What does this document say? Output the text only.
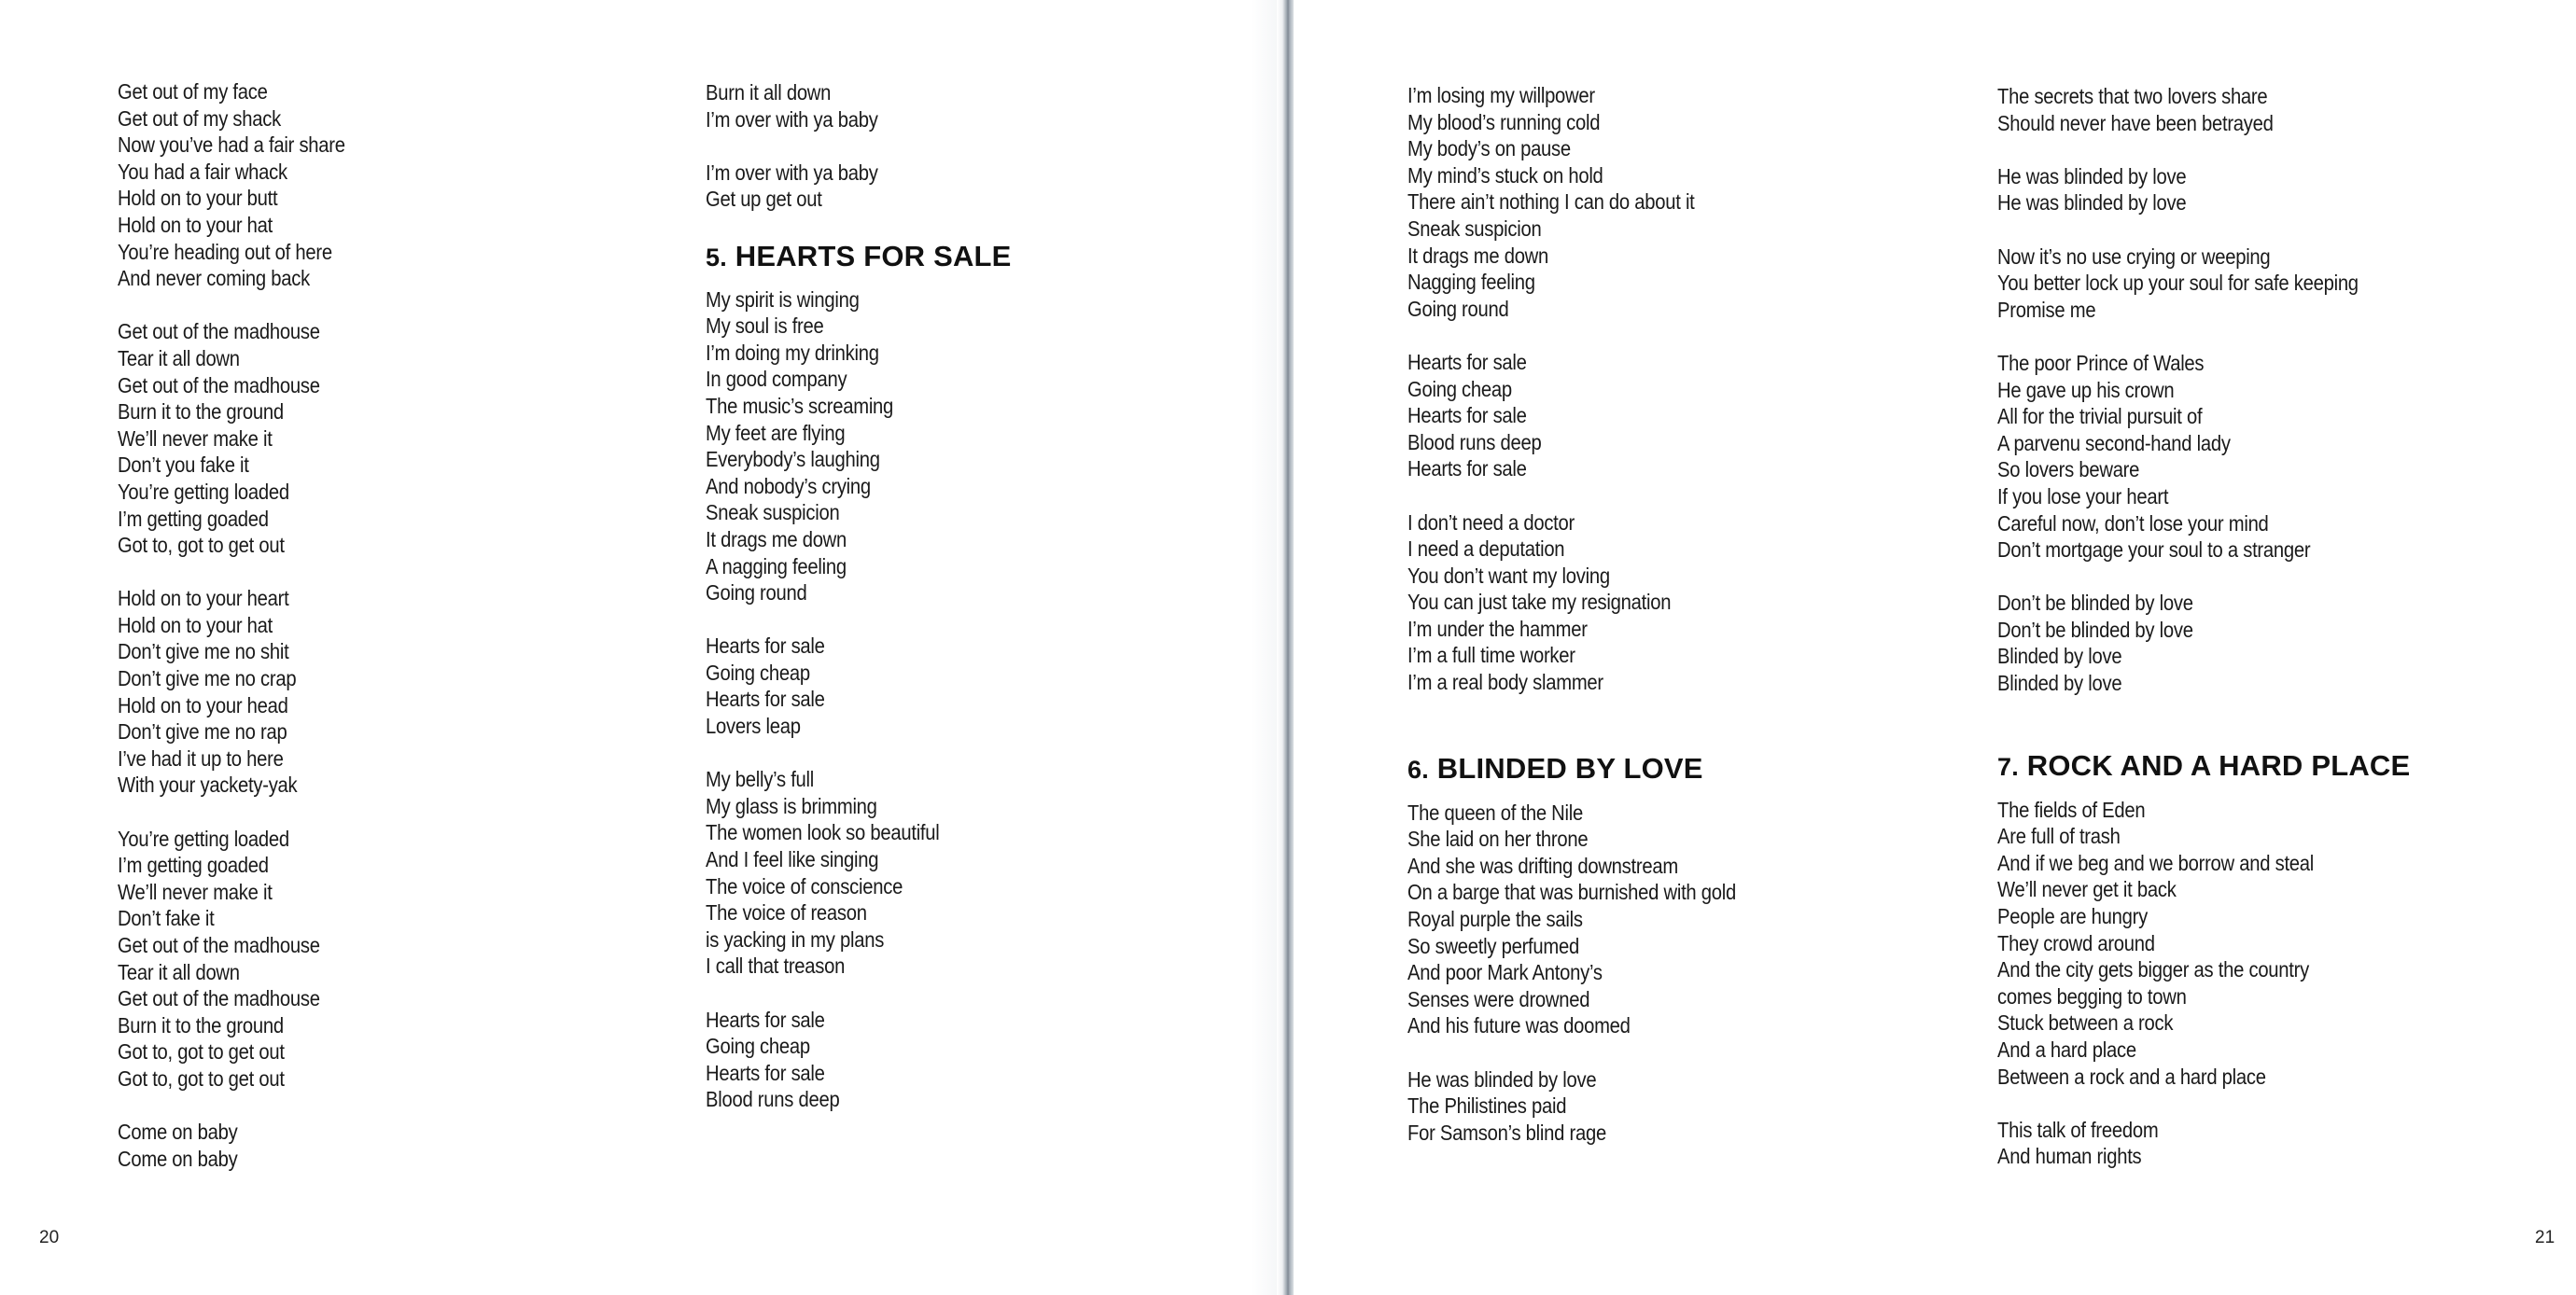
Get out of my face
Get out of my shack
Now you’ve had a fair share
You had a fair whack
Hold on to your butt
Hold on to your hat
You’re heading out of here
And never coming back
Get out of the madhouse
Tear it all down
Get out of the madhouse
Burn it to the ground
We’ll never make it
Don’t you fake it
You’re getting loaded
I’m getting goaded
Got to, got to get out
Hold on to your heart
Hold on to your hat
Don’t give me no shit
Don’t give me no crap
Hold on to your head
Don’t give me no rap
I’ve had it up to here
With your yackety-yak
You’re getting loaded
I’m getting goaded
We’ll never make it
Don’t fake it
Get out of the madhouse
Tear it all down
Get out of the madhouse
Burn it to the ground
Got to, got to get out
Got to, got to get out
Come on baby
Come on baby
Burn it all down
I’m over with ya baby
I’m over with ya baby
Get up get out
5. HEARTS FOR SALE
My spirit is winging
My soul is free
I’m doing my drinking
In good company
The music’s screaming
My feet are flying
Everybody’s laughing
And nobody’s crying
Sneak suspicion
It drags me down
A nagging feeling
Going round
Hearts for sale
Going cheap
Hearts for sale
Lovers leap
My belly’s full
My glass is brimming
The women look so beautiful
And I feel like singing
The voice of conscience
The voice of reason
is yacking in my plans
I call that treason
Hearts for sale
Going cheap
Hearts for sale
Blood runs deep
20
I’m losing my willpower
My blood’s running cold
My body’s on pause
My mind’s stuck on hold
There ain’t nothing I can do about it
Sneak suspicion
It drags me down
Nagging feeling
Going round
Hearts for sale
Going cheap
Hearts for sale
Blood runs deep
Hearts for sale
I don’t need a doctor
I need a deputation
You don’t want my loving
You can just take my resignation
I’m under the hammer
I’m a full time worker
I’m a real body slammer
6. BLINDED BY LOVE
The queen of the Nile
She laid on her throne
And she was drifting downstream
On a barge that was burnished with gold
Royal purple the sails
So sweetly perfumed
And poor Mark Antony’s
Senses were drowned
And his future was doomed
He was blinded by love
The Philistines paid
For Samson’s blind rage
The secrets that two lovers share
Should never have been betrayed
He was blinded by love
He was blinded by love
Now it’s no use crying or weeping
You better lock up your soul for safe keeping
Promise me
The poor Prince of Wales
He gave up his crown
All for the trivial pursuit of
A parvenu second-hand lady
So lovers beware
If you lose your heart
Careful now, don’t lose your mind
Don’t mortgage your soul to a stranger
Don’t be blinded by love
Don’t be blinded by love
Blinded by love
Blinded by love
7. ROCK AND A HARD PLACE
The fields of Eden
Are full of trash
And if we beg and we borrow and steal
We’ll never get it back
People are hungry
They crowd around
And the city gets bigger as the country
comes begging to town
Stuck between a rock
And a hard place
Between a rock and a hard place
This talk of freedom
And human rights
21
